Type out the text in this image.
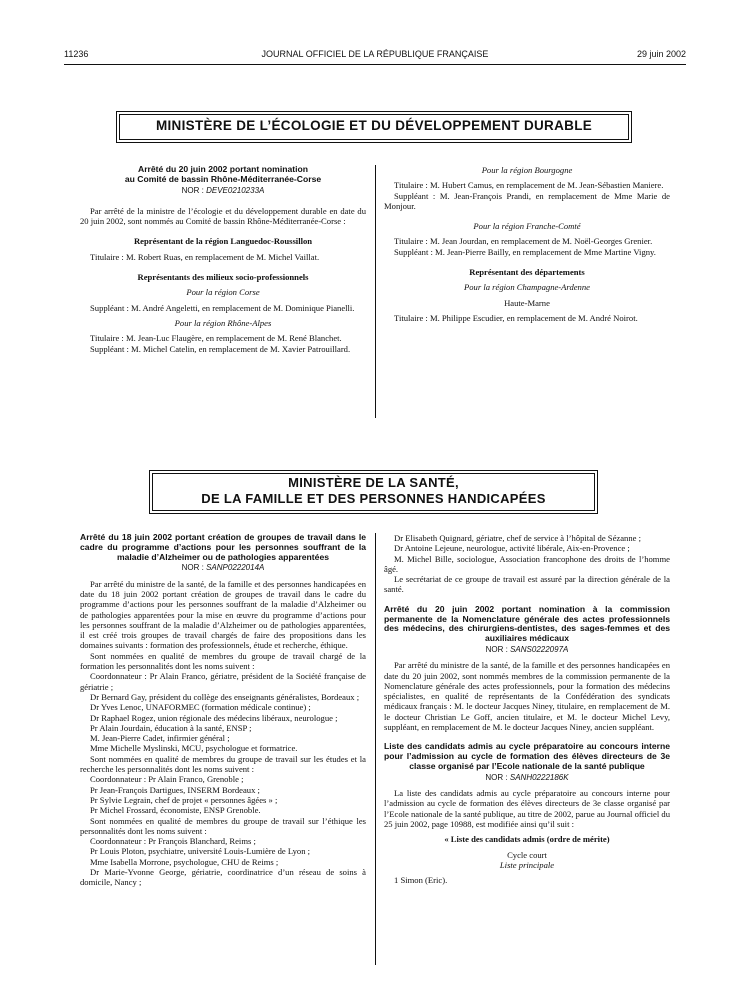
11236	JOURNAL OFFICIEL DE LA RÉPUBLIQUE FRANÇAISE	29 juin 2002
MINISTÈRE DE L’ÉCOLOGIE ET DU DÉVELOPPEMENT DURABLE
Arrêté du 20 juin 2002 portant nomination
au Comité de bassin Rhône-Méditerranée-Corse
NOR : DEVE0210233A

Par arrêté de la ministre de l’écologie et du développement durable en date du 20 juin 2002, sont nommés au Comité de bassin Rhône-Méditerranée-Corse :

Représentant de la région Languedoc-Roussillon

Titulaire : M. Robert Ruas, en remplacement de M. Michel Vaillat.

Représentants des milieux socio-professionnels
Pour la région Corse

Suppléant : M. André Angeletti, en remplacement de M. Dominique Pianelli.

Pour la région Rhône-Alpes

Titulaire : M. Jean-Luc Flaugère, en remplacement de M. René Blanchet.

Suppléant : M. Michel Catelin, en remplacement de M. Xavier Patrouillard.

Pour la région Bourgogne

Titulaire : M. Hubert Camus, en remplacement de M. Jean-Sébastien Maniere.

Suppléant : M. Jean-François Prandi, en remplacement de Mme Marie de Monjour.

Pour la région Franche-Comté

Titulaire : M. Jean Jourdan, en remplacement de M. Noël-Georges Grenier.

Suppléant : M. Jean-Pierre Bailly, en remplacement de Mme Martine Vigny.

Représentant des départements
Pour la région Champagne-Ardenne
Haute-Marne

Titulaire : M. Philippe Escudier, en remplacement de M. André Noirot.

MINISTÈRE DE LA SANTÉ,
DE LA FAMILLE ET DES PERSONNES HANDICAPÉES
Arrêté du 18 juin 2002 portant création de groupes de travail dans le cadre du programme d’actions pour les personnes souffrant de la maladie d’Alzheimer ou de pathologies apparentées
NOR : SANP0222014A

Par arrêté du ministre de la santé, de la famille et des personnes handicapées en date du 18 juin 2002 portant création de groupes de travail dans le cadre du programme d’actions pour les personnes souffrant de la maladie d’Alzheimer ou de pathologies apparentées pour la mise en œuvre du programme d’actions pour les personnes souffrant de la maladie d’Alzheimer ou de pathologies apparentées, il est créé trois groupes de travail chargés de faire des propositions dans les domaines suivants : formation des professionnels, étude et recherche, éthique.

Sont nommées en qualité de membres du groupe de travail chargé de la formation les personnalités dont les noms suivent :

Coordonnateur : Pr Alain Franco, gériatre, président de la Société française de gériatrie ;

Dr Bernard Gay, président du collège des enseignants généralistes, Bordeaux ;

Dr Yves Lenoc, UNAFORMEC (formation médicale continue) ;

Dr Raphael Rogez, union régionale des médecins libéraux, neurologue ;

Pr Alain Jourdain, éducation à la santé, ENSP ;

M. Jean-Pierre Cadet, infirmier général ;

Mme Michelle Myslinski, MCU, psychologue et formatrice.

Sont nommées en qualité de membres du groupe de travail sur les études et la recherche les personnalités dont les noms suivent :

Coordonnateur : Pr Alain Franco, Grenoble ;

Pr Jean-François Dartigues, INSERM Bordeaux ;

Pr Sylvie Legrain, chef de projet « personnes âgées » ;

Pr Michel Frossard, économiste, ENSP Grenoble.

Sont nommées en qualité de membres du groupe de travail sur l’éthique les personnalités dont les noms suivent :

Coordonnateur : Pr François Blanchard, Reims ;

Pr Louis Ploton, psychiatre, université Louis-Lumière de Lyon ;

Mme Isabella Morrone, psychologue, CHU de Reims ;

Dr Marie-Yvonne George, gériatrie, coordinatrice d’un réseau de soins à domicile, Nancy ;

Dr Elisabeth Quignard, gériatre, chef de service à l’hôpital de Sézanne ;

Dr Antoine Lejeune, neurologue, activité libérale, Aix-en-Provence ;

M. Michel Bille, sociologue, Association francophone des droits de l’homme âgé.

Le secrétariat de ce groupe de travail est assuré par la direction générale de la santé.

Arrêté du 20 juin 2002 portant nomination à la commission permanente de la Nomenclature générale des actes professionnels des médecins, des chirurgiens-dentistes, des sages-femmes et des auxiliaires médicaux
NOR : SANS0222097A

Par arrêté du ministre de la santé, de la famille et des personnes handicapées en date du 20 juin 2002, sont nommés membres de la commission permanente de la Nomenclature générale des actes professionnels, pour la formation des médecins spécialistes, en qualité de représentants de la Confédération des syndicats médicaux français : M. le docteur Jacques Niney, titulaire, en remplacement de M. le docteur Christian Le Goff, ancien titulaire, et M. le docteur Michel Levy, suppléant, en remplacement de M. le docteur Jacques Niney, ancien suppléant.

Liste des candidats admis au cycle préparatoire au concours interne pour l’admission au cycle de formation des élèves directeurs de 3e classe organisé par l’Ecole nationale de la santé publique
NOR : SANH0222186K

La liste des candidats admis au cycle préparatoire au concours interne pour l’admission au cycle de formation des élèves directeurs de 3e classe organisé par l’Ecole nationale de la santé publique, au titre de 2002, parue au Journal officiel du 25 juin 2002, page 10988, est modifiée ainsi qu’il suit :

« Liste des candidats admis (ordre de mérite)
Cycle court
Liste principale

1 Simon (Eric).
